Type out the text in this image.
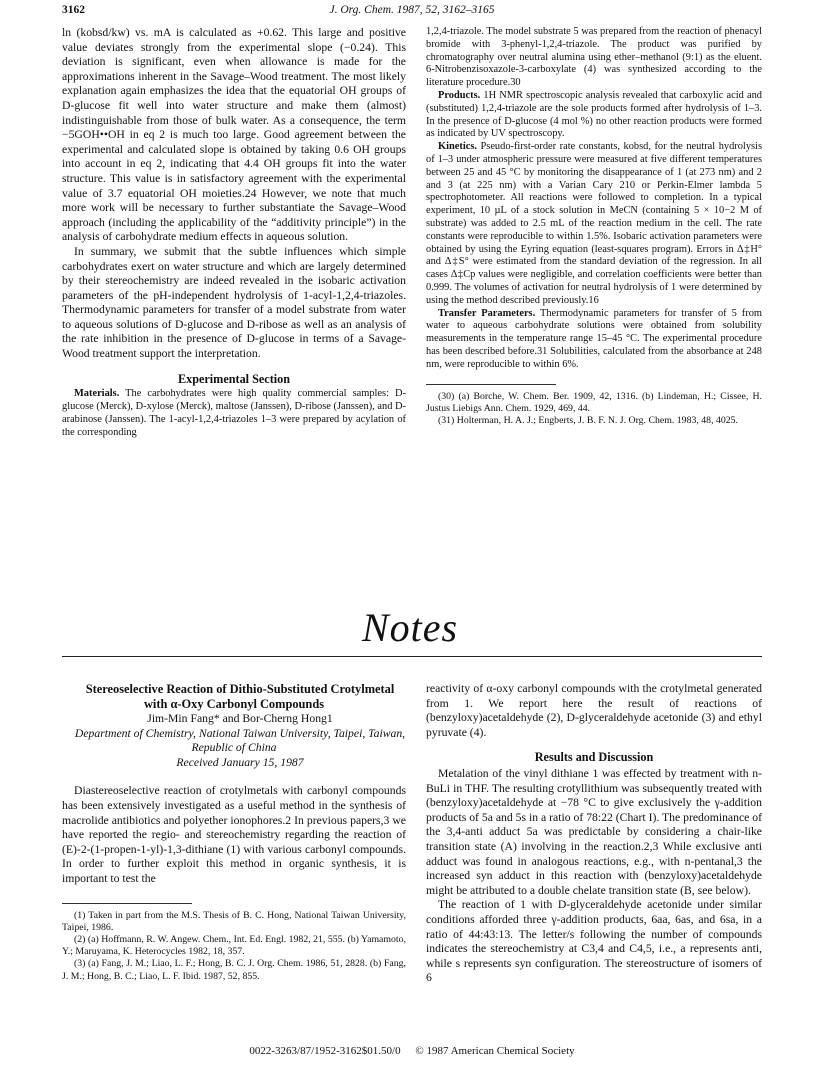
3162	J. Org. Chem. 1987, 52, 3162–3165

ln (kobsd/kw) vs. mA is calculated as +0.62. This large and positive value deviates strongly from the experimental slope (−0.24). This deviation is significant, even when allowance is made for the approximations inherent in the Savage–Wood treatment. The most likely explanation again emphasizes the idea that the equatorial OH groups of D-glucose fit well into water structure and make them (almost) indistinguishable from those of bulk water. As a consequence, the term −5GOH••OH in eq 2 is much too large. Good agreement between the experimental and calculated slope is obtained by taking 0.6 OH groups into account in eq 2, indicating that 4.4 OH groups fit into the water structure. This value is in satisfactory agreement with the experimental value of 3.7 equatorial OH moieties.24 However, we note that much more work will be necessary to further substantiate the Savage–Wood approach (including the applicability of the “additivity principle”) in the analysis of carbohydrate medium effects in aqueous solution.

In summary, we submit that the subtle influences which simple carbohydrates exert on water structure and which are largely determined by their stereochemistry are indeed revealed in the isobaric activation parameters of the pH-independent hydrolysis of 1-acyl-1,2,4-triazoles. Thermodynamic parameters for transfer of a model substrate from water to aqueous solutions of D-glucose and D-ribose as well as an analysis of the rate inhibition in the presence of D-glucose in terms of a Savage-Wood treatment support the interpretation.

Experimental Section

Materials. The carbohydrates were high quality commercial samples: D-glucose (Merck), D-xylose (Merck), maltose (Janssen), D-ribose (Janssen), and D-arabinose (Janssen). The 1-acyl-1,2,4-triazoles 1–3 were prepared by acylation of the corresponding

1,2,4-triazole. The model substrate 5 was prepared from the reaction of phenacyl bromide with 3-phenyl-1,2,4-triazole. The product was purified by chromatography over neutral alumina using ether–methanol (9:1) as the eluent. 6-Nitrobenzisoxazole-3-carboxylate (4) was synthesized according to the literature procedure.30

Products. 1H NMR spectroscopic analysis revealed that carboxylic acid and (substituted) 1,2,4-triazole are the sole products formed after hydrolysis of 1–3. In the presence of D-glucose (4 mol %) no other reaction products were formed as indicated by UV spectroscopy.

Kinetics. Pseudo-first-order rate constants, kobsd, for the neutral hydrolysis of 1–3 under atmospheric pressure were measured at five different temperatures between 25 and 45 °C by monitoring the disappearance of 1 (at 273 nm) and 2 and 3 (at 225 nm) with a Varian Cary 210 or Perkin-Elmer lambda 5 spectrophotometer. All reactions were followed to completion. In a typical experiment, 10 µL of a stock solution in MeCN (containing 5 × 10−2 M of substrate) was added to 2.5 mL of the reaction medium in the cell. The rate constants were reproducible to within 1.5%. Isobaric activation parameters were obtained by using the Eyring equation (least-squares program). Errors in Δ‡H° and Δ‡S° were estimated from the standard deviation of the regression. In all cases Δ‡Cp values were negligible, and correlation coefficients were better than 0.999. The volumes of activation for neutral hydrolysis of 1 were determined by using the method described previously.16

Transfer Parameters. Thermodynamic parameters for transfer of 5 from water to aqueous carbohydrate solutions were obtained from solubility measurements in the temperature range 15–45 °C. The experimental procedure has been described before.31 Solubilities, calculated from the absorbance at 248 nm, were reproducible to within 6%.

(30) (a) Borche, W. Chem. Ber. 1909, 42, 1316. (b) Lindeman, H.; Cissee, H. Justus Liebigs Ann. Chem. 1929, 469, 44.

(31) Holterman, H. A. J.; Engberts, J. B. F. N. J. Org. Chem. 1983, 48, 4025.

Notes

Stereoselective Reaction of Dithio-Substituted Crotylmetal with α-Oxy Carbonyl Compounds

Jim-Min Fang* and Bor-Cherng Hong1

Department of Chemistry, National Taiwan University, Taipei, Taiwan, Republic of China

Received January 15, 1987

Diastereoselective reaction of crotylmetals with carbonyl compounds has been extensively investigated as a useful method in the synthesis of macrolide antibiotics and polyether ionophores.2 In previous papers,3 we have reported the regio- and stereochemistry regarding the reaction of (E)-2-(1-propen-1-yl)-1,3-dithiane (1) with various carbonyl compounds. In order to further exploit this method in organic synthesis, it is important to test the

(1) Taken in part from the M.S. Thesis of B. C. Hong, National Taiwan University, Taipei, 1986.

(2) (a) Hoffmann, R. W. Angew. Chem., Int. Ed. Engl. 1982, 21, 555. (b) Yamamoto, Y.; Maruyama, K. Heterocycles 1982, 18, 357.

(3) (a) Fang, J. M.; Liao, L. F.; Hong, B. C. J. Org. Chem. 1986, 51, 2828. (b) Fang, J. M.; Hong, B. C.; Liao, L. F. Ibid. 1987, 52, 855.

reactivity of α-oxy carbonyl compounds with the crotylmetal generated from 1. We report here the result of reactions of (benzyloxy)acetaldehyde (2), D-glyceraldehyde acetonide (3) and ethyl pyruvate (4).

Results and Discussion

Metalation of the vinyl dithiane 1 was effected by treatment with n-BuLi in THF. The resulting crotyllithium was subsequently treated with (benzyloxy)acetaldehyde at −78 °C to give exclusively the γ-addition products of 5a and 5s in a ratio of 78:22 (Chart I). The predominance of the 3,4-anti adduct 5a was predictable by considering a chair-like transition state (A) involving in the reaction.2,3 While exclusive anti adduct was found in analogous reactions, e.g., with n-pentanal,3 the increased syn adduct in this reaction with (benzyloxy)acetaldehyde might be attributed to a double chelate transition state (B, see below).

The reaction of 1 with D-glyceraldehyde acetonide under similar conditions afforded three γ-addition products, 6aa, 6as, and 6sa, in a ratio of 44:43:13. The letter/s following the number of compounds indicates the stereochemistry at C3,4 and C4,5, i.e., a represents anti, while s represents syn configuration. The stereostructure of isomers of 6

0022-3263/87/1952-3162$01.50/0 © 1987 American Chemical Society
